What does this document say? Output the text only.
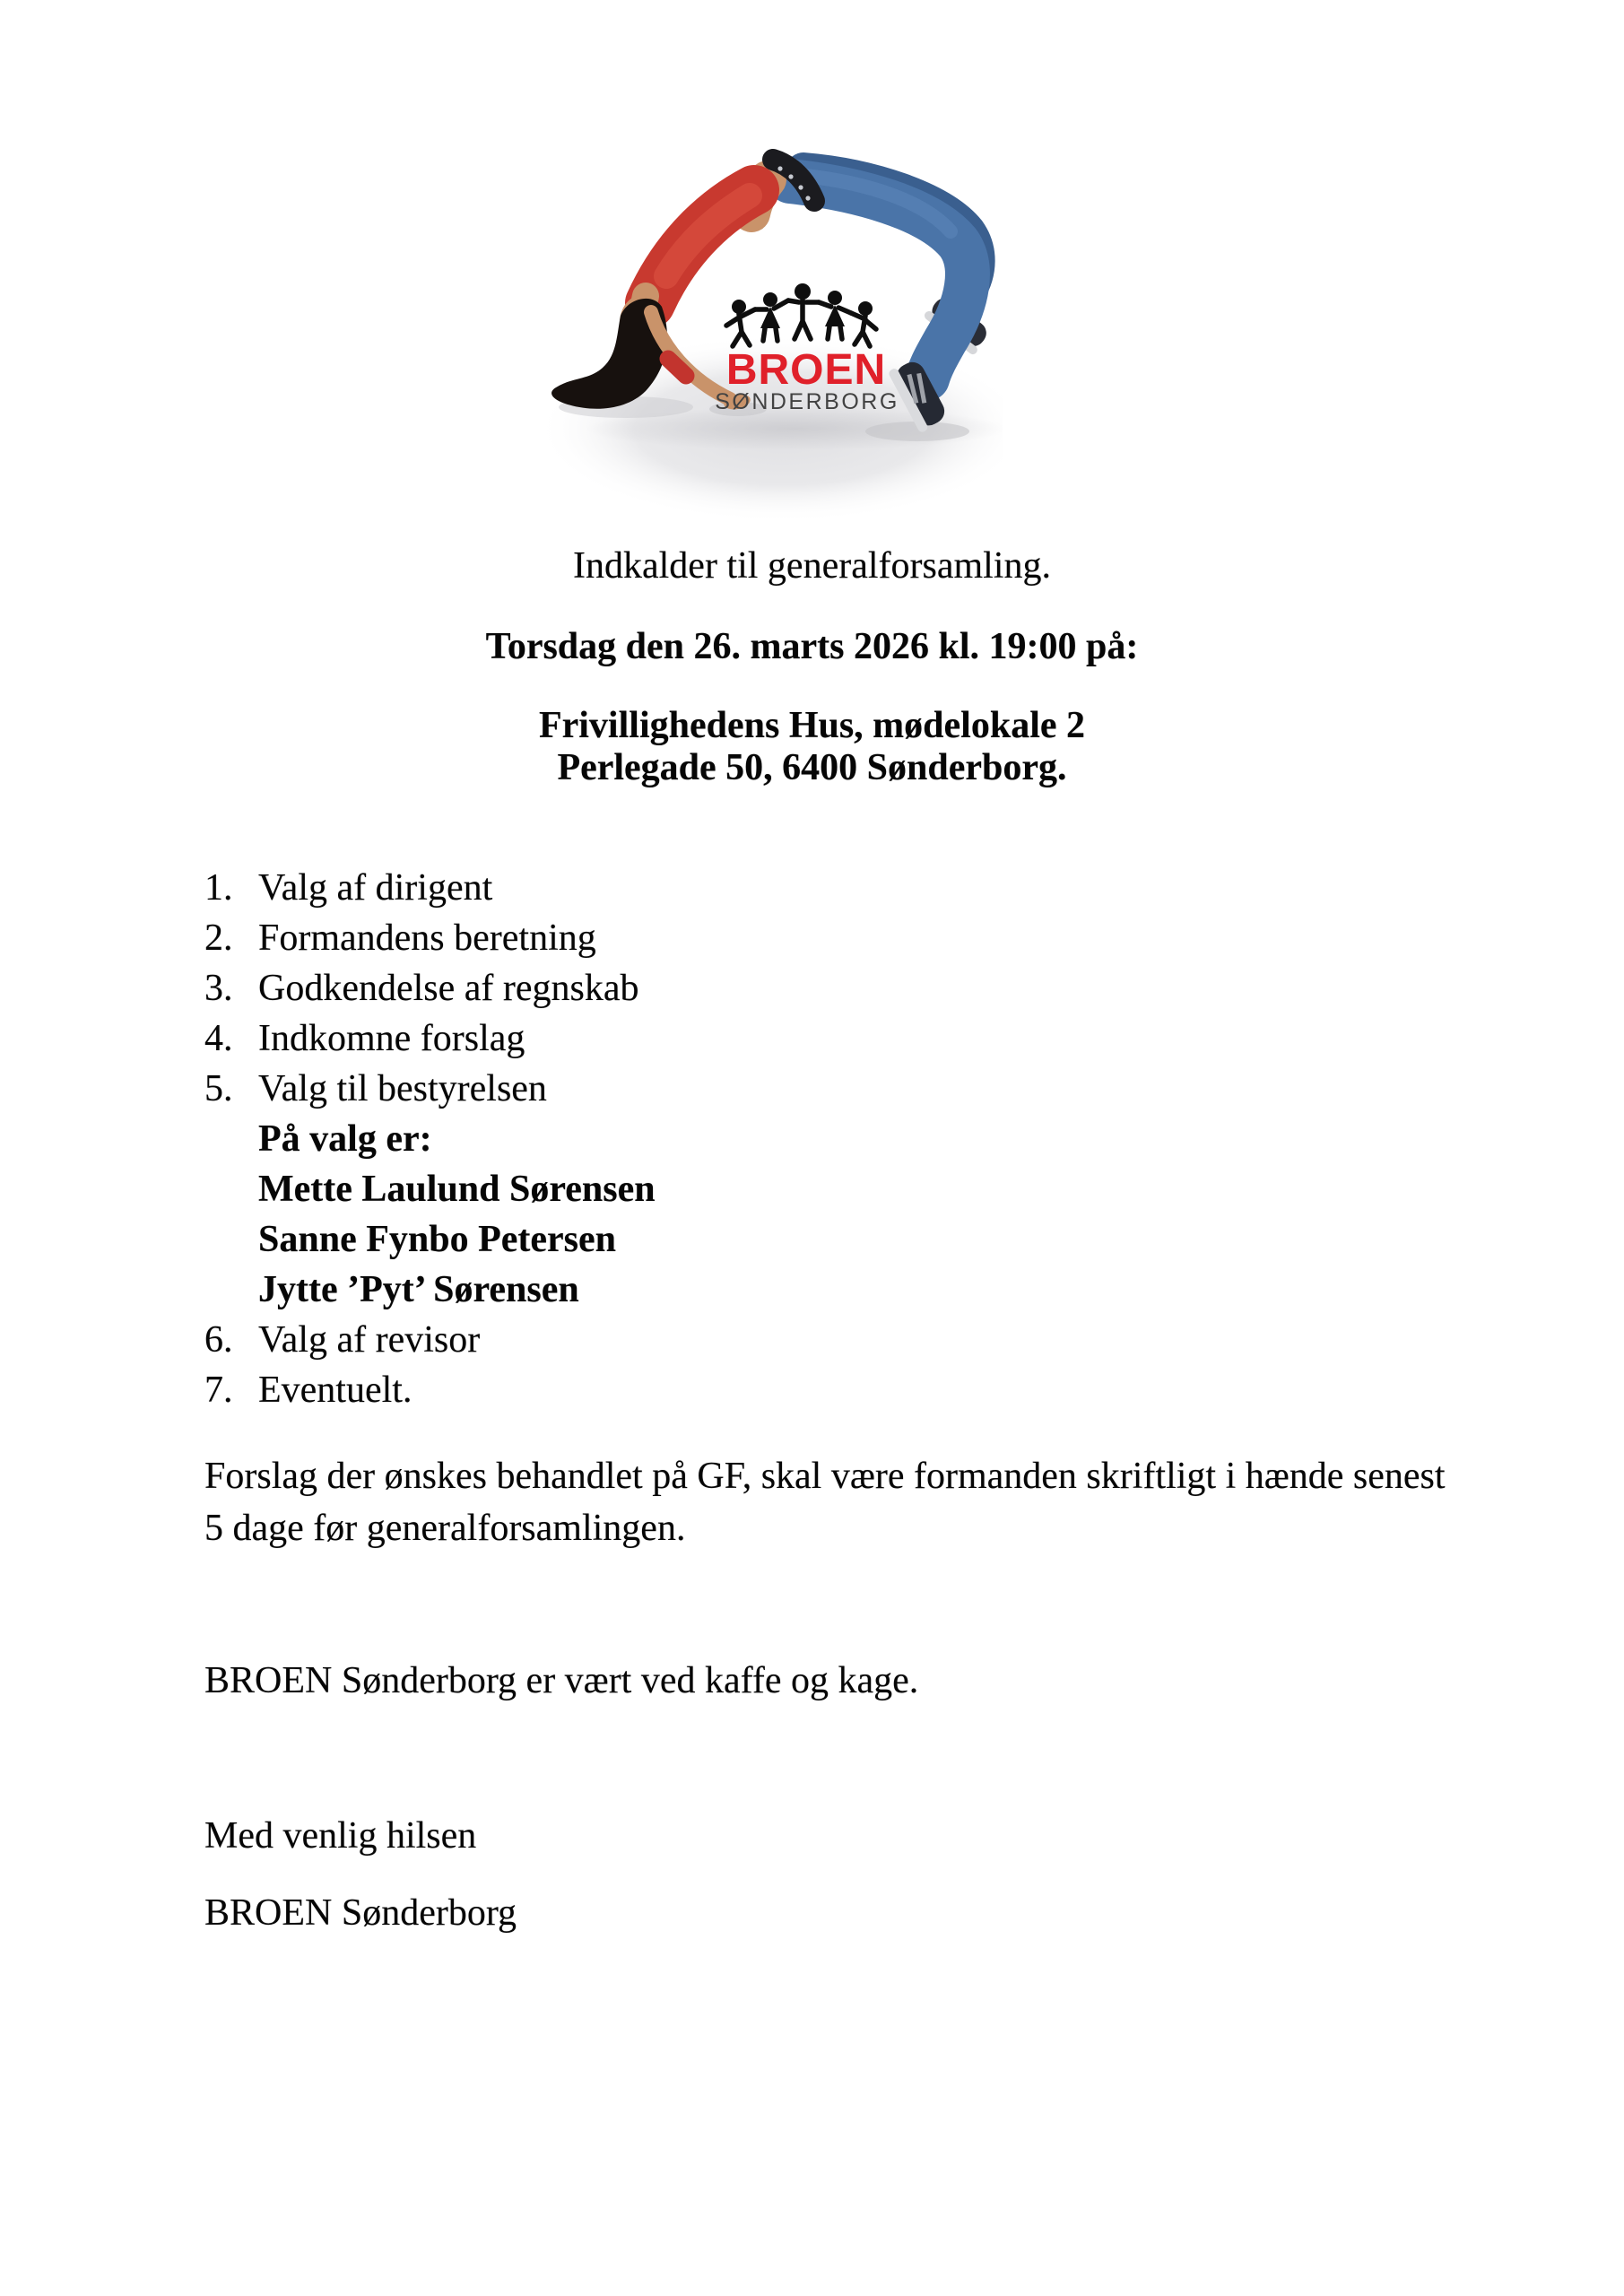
BROEN
SØNDERBORG
Indkalder til generalforsamling.
Torsdag den 26. marts 2026 kl. 19:00 på:
Frivillighedens Hus, mødelokale 2
Perlegade 50, 6400 Sønderborg.
1. Valg af dirigent
2. Formandens beretning
3. Godkendelse af regnskab
4. Indkomne forslag
5. Valg til bestyrelsen
På valg er:
Mette Laulund Sørensen
Sanne Fynbo Petersen
Jytte ’Pyt’ Sørensen
6. Valg af revisor
7. Eventuelt.
Forslag der ønskes behandlet på GF, skal være formanden skriftligt i hænde senest
5 dage før generalforsamlingen.
BROEN Sønderborg er vært ved kaffe og kage.
Med venlig hilsen
BROEN Sønderborg
